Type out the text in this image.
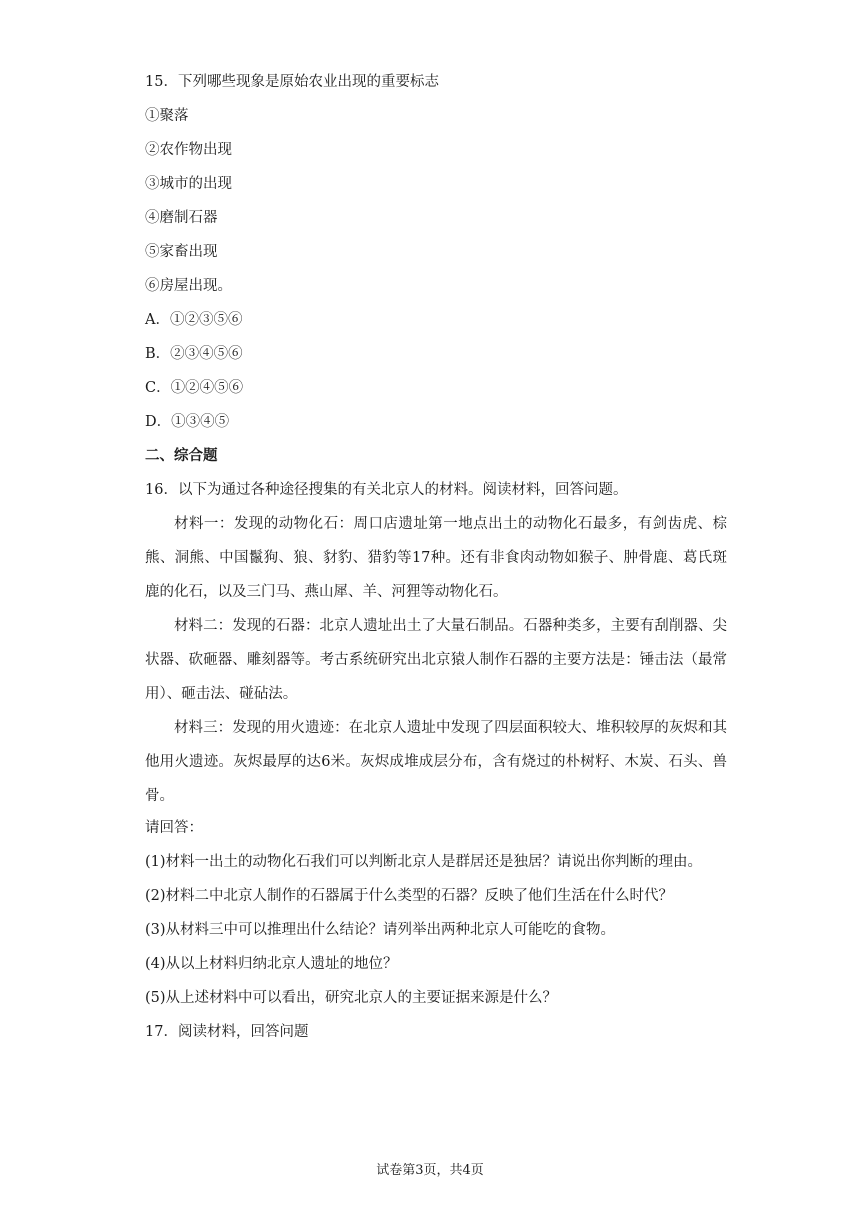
15．下列哪些现象是原始农业出现的重要标志
①聚落
②农作物出现
③城市的出现
④磨制石器
⑤家畜出现
⑥房屋出现。
A．①②③⑤⑥
B．②③④⑤⑥
C．①②④⑤⑥
D．①③④⑤
二、综合题
16．以下为通过各种途径搜集的有关北京人的材料。阅读材料，回答问题。
材料一：发现的动物化石：周口店遗址第一地点出土的动物化石最多，有剑齿虎、棕熊、洞熊、中国鬣狗、狼、豺豹、猎豹等17种。还有非食肉动物如猴子、肿骨鹿、葛氏斑鹿的化石，以及三门马、燕山犀、羊、河狸等动物化石。
材料二：发现的石器：北京人遗址出土了大量石制品。石器种类多，主要有刮削器、尖状器、砍砸器、雕刻器等。考古系统研究出北京猿人制作石器的主要方法是：锤击法（最常用）、砸击法、碰砧法。
材料三：发现的用火遗迹：在北京人遗址中发现了四层面积较大、堆积较厚的灰烬和其他用火遗迹。灰烬最厚的达6米。灰烬成堆成层分布，含有烧过的朴树籽、木炭、石头、兽骨。
请回答：
(1)材料一出土的动物化石我们可以判断北京人是群居还是独居？请说出你判断的理由。
(2)材料二中北京人制作的石器属于什么类型的石器？反映了他们生活在什么时代？
(3)从材料三中可以推理出什么结论？请列举出两种北京人可能吃的食物。
(4)从以上材料归纳北京人遗址的地位？
(5)从上述材料中可以看出，研究北京人的主要证据来源是什么？
17．阅读材料，回答问题
试卷第3页，共4页
